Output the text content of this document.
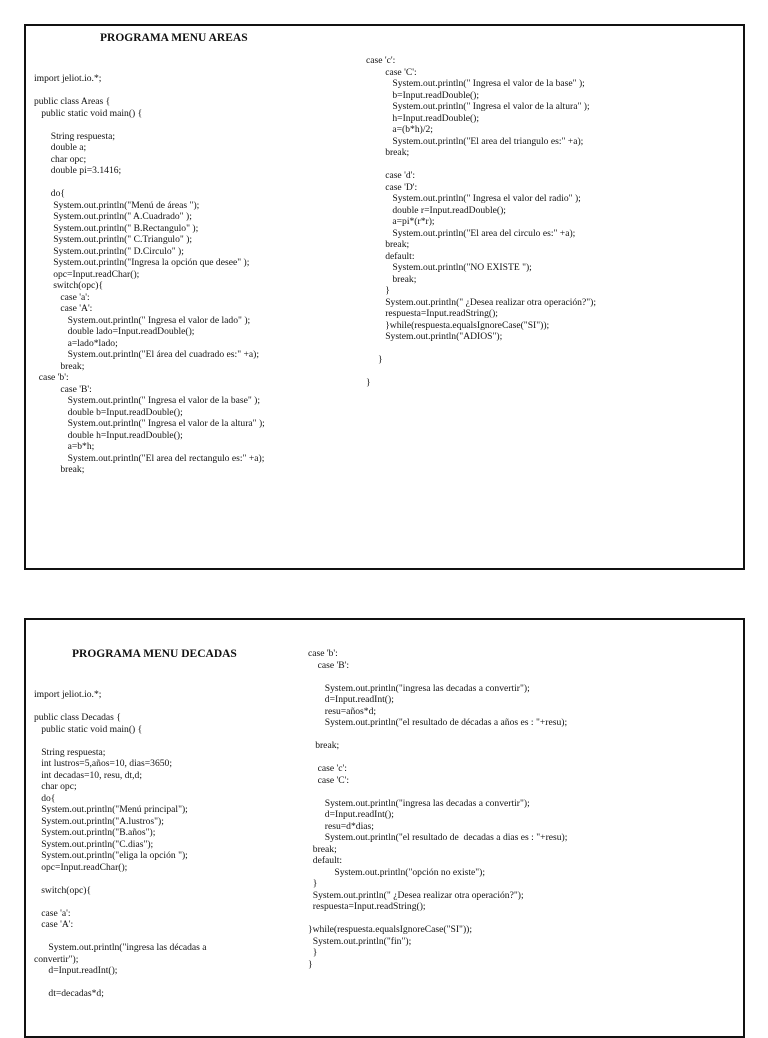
PROGRAMA MENU AREAS
import jeliot.io.*;
public class Areas {
public static void main() {
String respuesta;
double a;
char opc;
double pi=3.1416;
do{
System.out.println("Menú de áreas ");
System.out.println(" A.Cuadrado" );
System.out.println(" B.Rectangulo" );
System.out.println(" C.Triangulo" );
System.out.println(" D.Circulo" );
System.out.println("Ingresa la opción que desee" );
opc=Input.readChar();
switch(opc){
case 'a':
case 'A':
System.out.println(" Ingresa el valor de lado" );
double lado=Input.readDouble();
a=lado*lado;
System.out.println("El área del cuadrado es:" +a);
break;
case 'b':
case 'B':
System.out.println(" Ingresa el valor de la base" );
double b=Input.readDouble();
System.out.println(" Ingresa el valor de la altura" );
double h=Input.readDouble();
a=b*h;
System.out.println("El area del rectangulo es:" +a);
break;
case 'c':
case 'C':
System.out.println(" Ingresa el valor de la base" );
b=Input.readDouble();
System.out.println(" Ingresa el valor de la altura" );
h=Input.readDouble();
a=(b*h)/2;
System.out.println("El area del triangulo es:" +a);
break;
case 'd':
case 'D':
System.out.println(" Ingresa el valor del radio" );
double r=Input.readDouble();
a=pi*(r*r);
System.out.println("El area del circulo es:" +a);
break;
default:
System.out.println("NO EXISTE ");
break;
}
System.out.println(" ¿Desea realizar otra operación?");
respuesta=Input.readString();
}while(respuesta.equalsIgnoreCase("SI"));
System.out.println("ADIOS");
}
}
PROGRAMA MENU DECADAS
import jeliot.io.*;
public class Decadas {
public static void main() {
String respuesta;
int lustros=5,años=10, dias=3650;
int decadas=10, resu, dt,d;
char opc;
do{
System.out.println("Menú principal");
System.out.println("A.lustros");
System.out.println("B.años");
System.out.println("C.dias");
System.out.println("eliga la opción ");
opc=Input.readChar();
switch(opc){
case 'a':
case 'A':
System.out.println("ingresa las décadas a
convertir");
d=Input.readInt();
dt=decadas*d;
case 'b':
case 'B':
System.out.println("ingresa las decadas a convertir");
d=Input.readInt();
resu=años*d;
System.out.println("el resultado de décadas a años es : "+resu);
break;
case 'c':
case 'C':
System.out.println("ingresa las decadas a convertir");
d=Input.readInt();
resu=d*dias;
System.out.println("el resultado de  decadas a dias es : "+resu);
break;
default:
System.out.println("opción no existe");
}
System.out.println(" ¿Desea realizar otra operación?");
respuesta=Input.readString();
}while(respuesta.equalsIgnoreCase("SI"));
System.out.println("fin");
}
}
